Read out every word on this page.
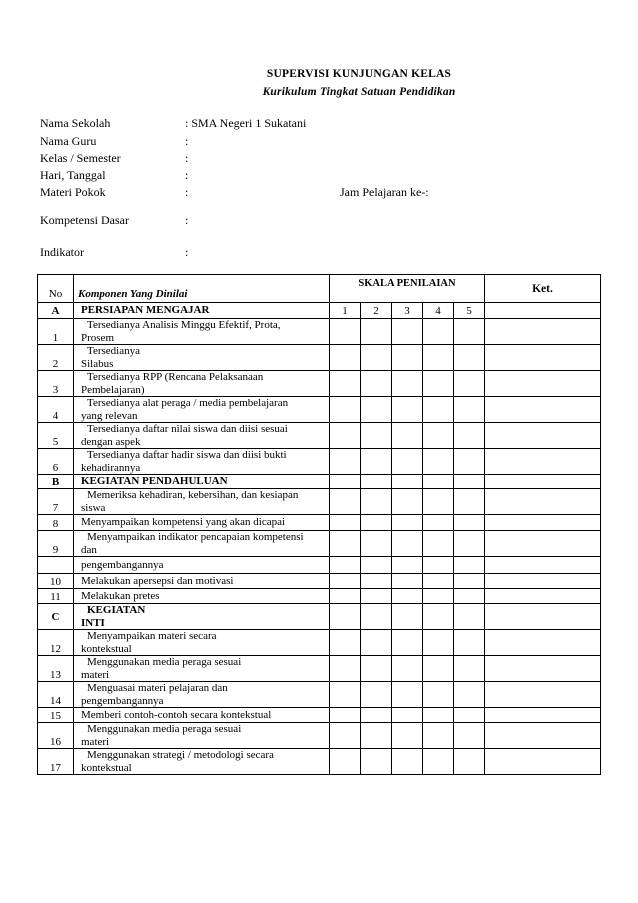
SUPERVISI KUNJUNGAN KELAS
Kurikulum Tingkat Satuan Pendidikan
Nama Sekolah	: SMA Negeri 1 Sukatani
Nama Guru	:
Kelas / Semester	:
Hari, Tanggal	:
Materi Pokok	:	Jam Pelajaran ke-:
Kompetensi Dasar	:
Indikator	:
No	Komponen Yang Dinilai	SKALA PENILAIAN					Ket.
A	PERSIAPAN MENGAJAR	1	2	3	4	5	
1	Tersedianya Analisis Minggu Efektif, Prota,
Prosem						

2	Tersedianya
Silabus						

3	Tersedianya RPP (Rencana Pelaksanaan
Pembelajaran)						

4	Tersedianya alat peraga / media pembelajaran
yang relevan						

5	Tersedianya daftar nilai siswa dan diisi sesuai
dengan aspek						

6	Tersedianya daftar hadir siswa dan diisi bukti
kehadirannya						

B	KEGIATAN PENDAHULUAN						
7	Memeriksa kehadiran, kebersihan, dan kesiapan
siswa						

8	Menyampaikan kompetensi yang akan dicapai						
9	Menyampaikan indikator pencapaian kompetensi
dan						

	pengembangannya						
10	Melakukan apersepsi dan motivasi						
11	Melakukan pretes						
C	KEGIATAN
INTI						

12	Menyampaikan materi secara
kontekstual						

13	Menggunakan media peraga sesuai
materi						

14	Menguasai materi pelajaran dan
pengembangannya						

15	Memberi contoh-contoh secara kontekstual						
16	Menggunakan media peraga sesuai
materi						

17	Menggunakan strategi / metodologi secara
kontekstual						
